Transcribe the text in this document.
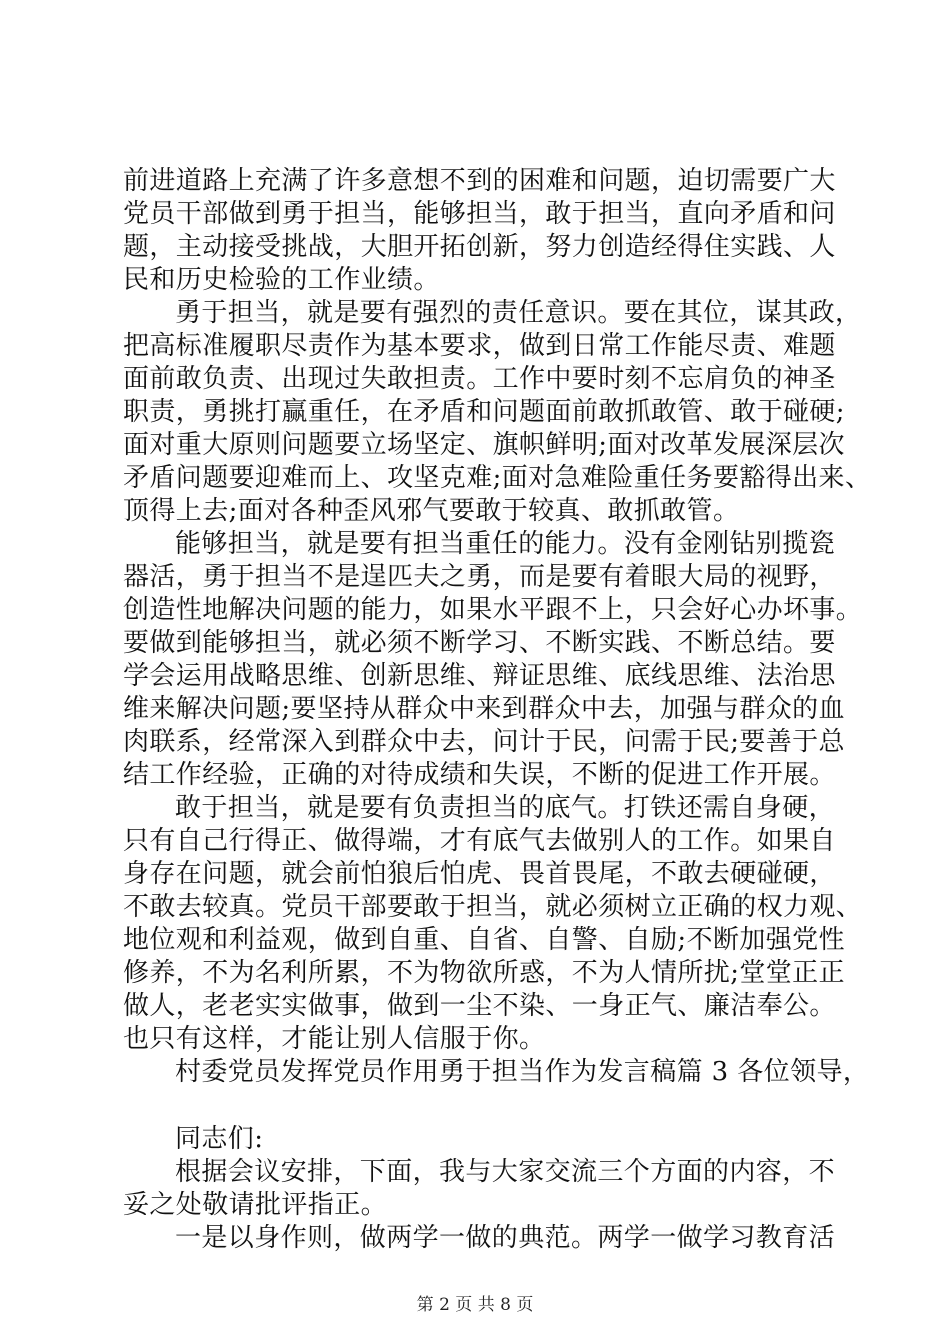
前进道路上充满了许多意想不到的困难和问题，迫切需要广大
党员干部做到勇于担当，能够担当，敢于担当，直向矛盾和问
题，主动接受挑战，大胆开拓创新，努力创造经得住实践、人
民和历史检验的工作业绩。
勇于担当，就是要有强烈的责任意识。要在其位，谋其政，
把高标准履职尽责作为基本要求，做到日常工作能尽责、难题
面前敢负责、出现过失敢担责。工作中要时刻不忘肩负的神圣
职责，勇挑打赢重任，在矛盾和问题面前敢抓敢管、敢于碰硬;
面对重大原则问题要立场坚定、旗帜鲜明;面对改革发展深层次
矛盾问题要迎难而上、攻坚克难;面对急难险重任务要豁得出来、
顶得上去;面对各种歪风邪气要敢于较真、敢抓敢管。
能够担当，就是要有担当重任的能力。没有金刚钻别揽瓷
器活，勇于担当不是逞匹夫之勇，而是要有着眼大局的视野，
创造性地解决问题的能力，如果水平跟不上，只会好心办坏事。
要做到能够担当，就必须不断学习、不断实践、不断总结。要
学会运用战略思维、创新思维、辩证思维、底线思维、法治思
维来解决问题;要坚持从群众中来到群众中去，加强与群众的血
肉联系，经常深入到群众中去，问计于民，问需于民;要善于总
结工作经验，正确的对待成绩和失误，不断的促进工作开展。
敢于担当，就是要有负责担当的底气。打铁还需自身硬，
只有自己行得正、做得端，才有底气去做别人的工作。如果自
身存在问题，就会前怕狼后怕虎、畏首畏尾，不敢去硬碰硬，
不敢去较真。党员干部要敢于担当，就必须树立正确的权力观、
地位观和利益观，做到自重、自省、自警、自励;不断加强党性
修养，不为名利所累，不为物欲所惑，不为人情所扰;堂堂正正
做人，老老实实做事，做到一尘不染、一身正气、廉洁奉公。
也只有这样，才能让别人信服于你。
村委党员发挥党员作用勇于担当作为发言稿篇 3 各位领导，
同志们:
根据会议安排，下面，我与大家交流三个方面的内容，不
妥之处敬请批评指正。
一是以身作则，做两学一做的典范。两学一做学习教育活
第 2 页 共 8 页
